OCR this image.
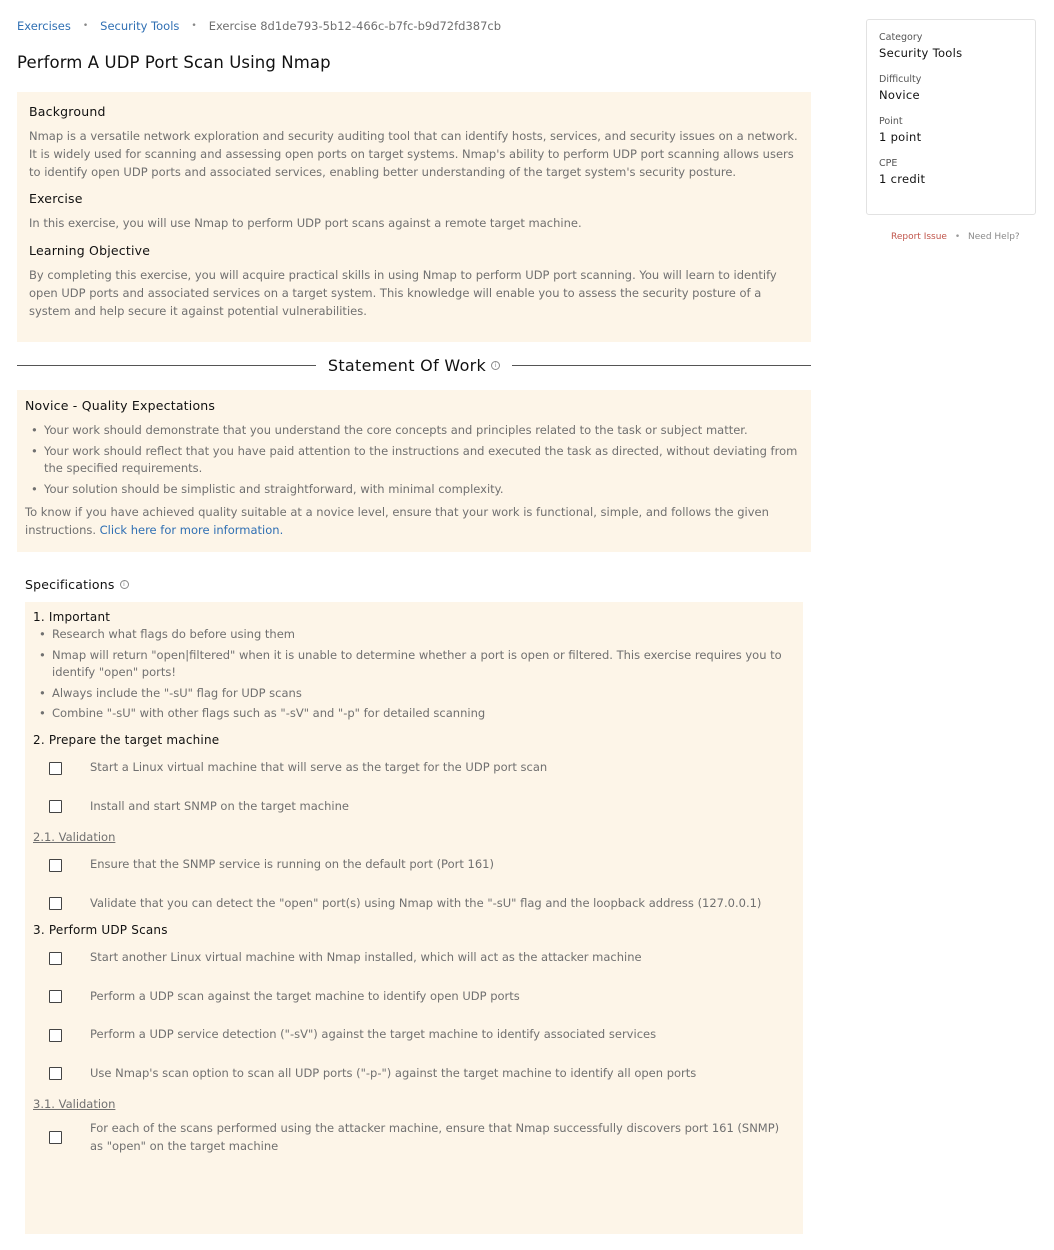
Exercises • Security Tools • Exercise 8d1de793-5b12-466c-b7fc-b9d72fd387cb
Perform A UDP Port Scan Using Nmap
Background

Nmap is a versatile network exploration and security auditing tool that can identify hosts, services, and security issues on a network. It is widely used for scanning and assessing open ports on target systems. Nmap's ability to perform UDP port scanning allows users to identify open UDP ports and associated services, enabling better understanding of the target system's security posture.

Exercise

In this exercise, you will use Nmap to perform UDP port scans against a remote target machine.

Learning Objective

By completing this exercise, you will acquire practical skills in using Nmap to perform UDP port scanning. You will learn to identify open UDP ports and associated services on a target system. This knowledge will enable you to assess the security posture of a system and help secure it against potential vulnerabilities.

Statement Of Work	i
Novice - Quality Expectations
• Your work should demonstrate that you understand the core concepts and principles related to the task or subject matter.
• Your work should reflect that you have paid attention to the instructions and executed the task as directed, without deviating from the specified requirements.
• Your solution should be simplistic and straightforward, with minimal complexity.

To know if you have achieved quality suitable at a novice level, ensure that your work is functional, simple, and follows the given instructions. Click here for more information.

Specifications	i
1. Important
• Research what flags do before using them
• Nmap will return "open|filtered" when it is unable to determine whether a port is open or filtered. This exercise requires you to identify "open" ports!
• Always include the "-sU" flag for UDP scans
• Combine "-sU" with other flags such as "-sV" and "-p" for detailed scanning
2. Prepare the target machine
Start a Linux virtual machine that will serve as the target for the UDP port scan
Install and start SNMP on the target machine
2.1. Validation
Ensure that the SNMP service is running on the default port (Port 161)
Validate that you can detect the "open" port(s) using Nmap with the "-sU" flag and the loopback address (127.0.0.1)
3. Perform UDP Scans
Start another Linux virtual machine with Nmap installed, which will act as the attacker machine
Perform a UDP scan against the target machine to identify open UDP ports
Perform a UDP service detection ("-sV") against the target machine to identify associated services
Use Nmap's scan option to scan all UDP ports ("-p-") against the target machine to identify all open ports
3.1. Validation
For each of the scans performed using the attacker machine, ensure that Nmap successfully discovers port 161 (SNMP) as "open" on the target machine
Category
Security Tools
Difficulty
Novice
Point
1 point
CPE
1 credit
Report Issue • Need Help?
